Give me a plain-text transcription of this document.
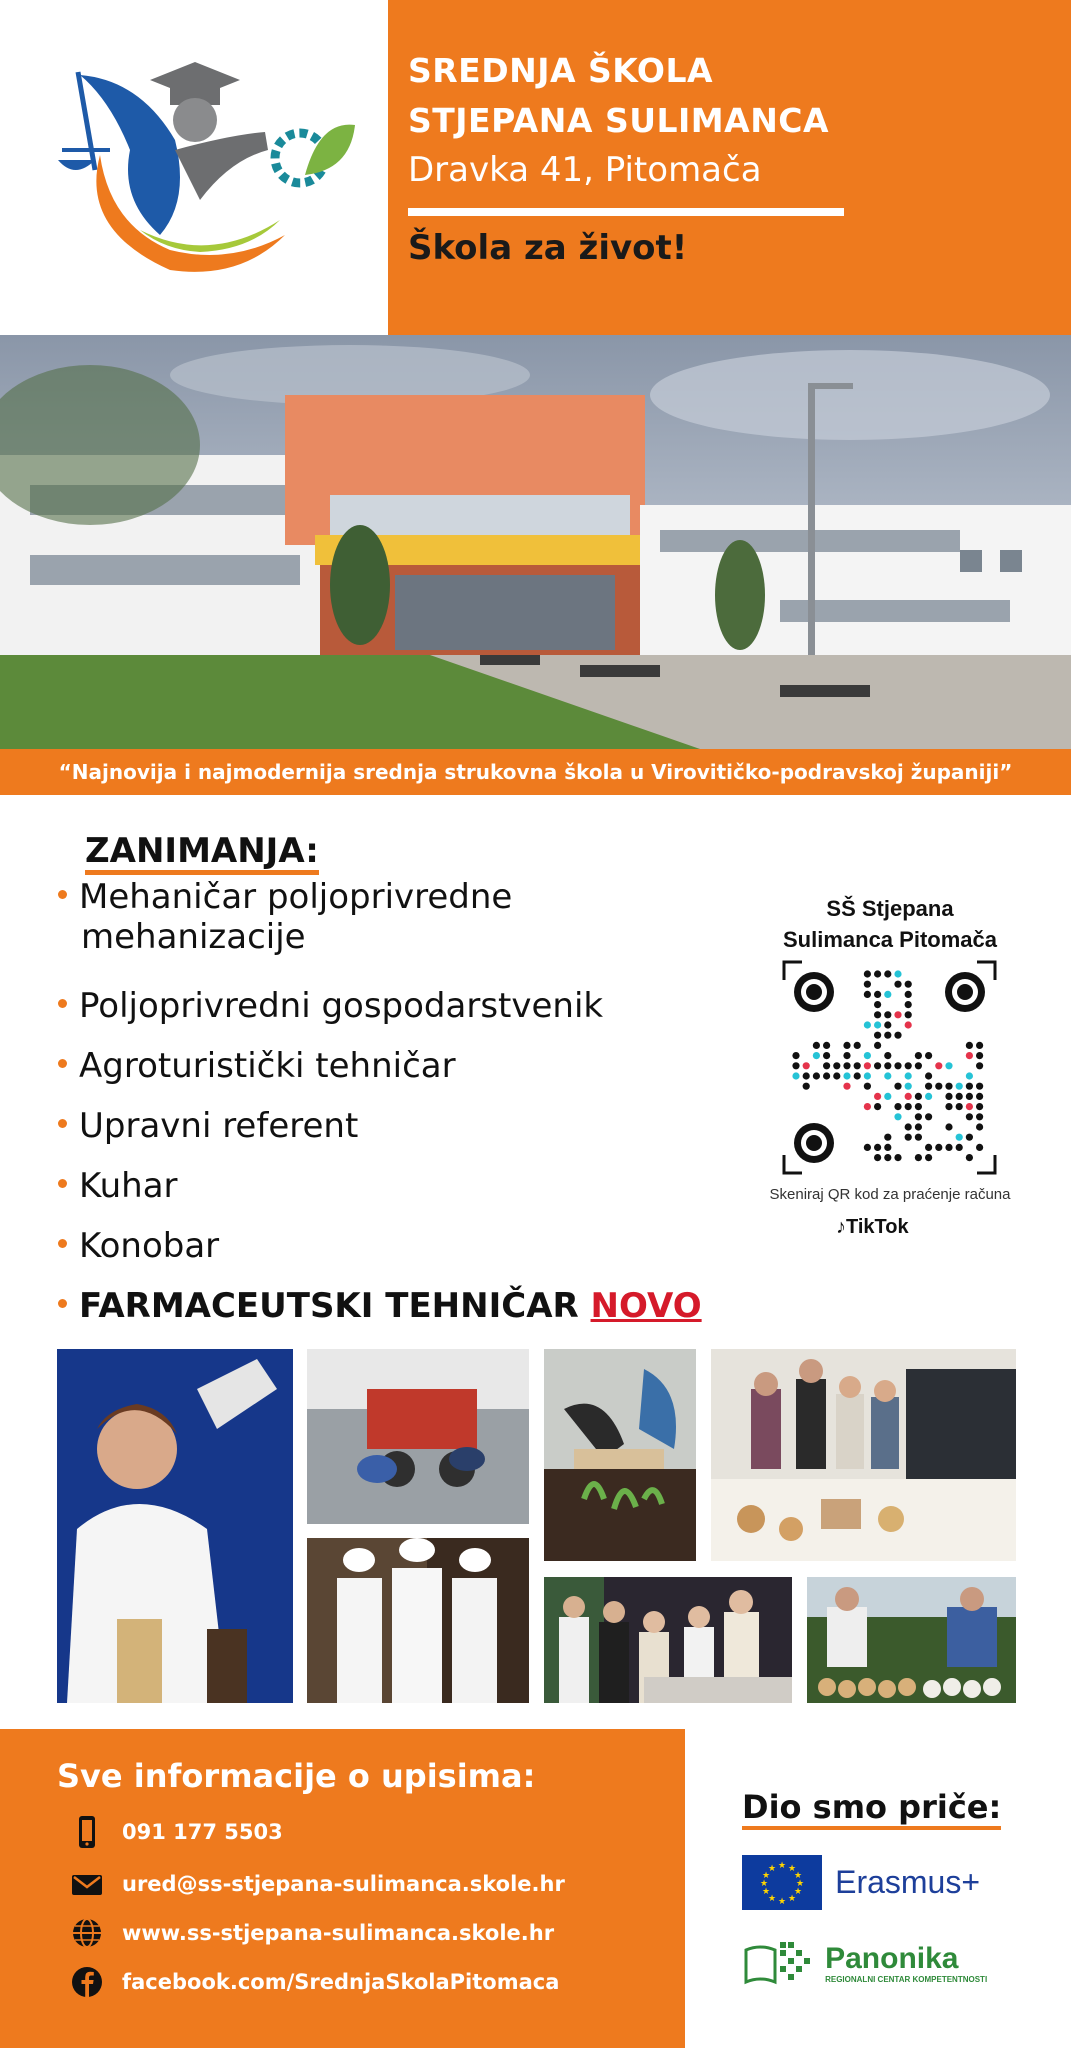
SREDNJA ŠKOLA
STJEPANA SULIMANCA
Dravka 41, Pitomača
Škola za život!
“Najnovija i najmodernija srednja strukovna škola u Virovitičko-podravskoj županiji”
ZANIMANJA:
Mehaničar poljoprivredne
mehanizacije
Poljoprivredni gospodarstvenik
Agroturistički tehničar
Upravni referent
Kuhar
Konobar
FARMACEUTSKI TEHNIČAR NOVO
SŠ Stjepana
Sulimanca Pitomača
Skeniraj QR kod za praćenje računa
♪TikTok
Sve informacije o upisima:
091 177 5503
ured@ss-stjepana-sulimanca.skole.hr
www.ss-stjepana-sulimanca.skole.hr
facebook.com/SrednjaSkolaPitomaca
Dio smo priče:
★ ★
★
★
★
★
★
★
★
★
★
★ Erasmus+

Panonika
REGIONALNI CENTAR KOMPETENTNOSTI
